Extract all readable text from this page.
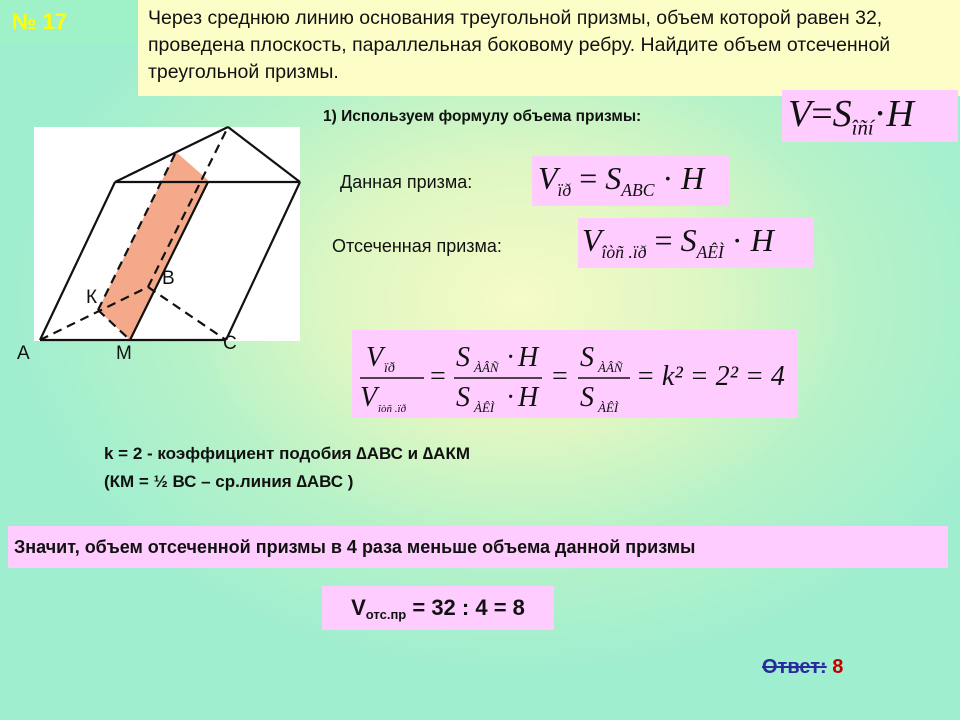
№ 17	Через среднюю линию основания треугольной призмы, объем которой равен 32, проведена плоскость, параллельная боковому ребру. Найдите объем отсеченной треугольной призмы.
А	М	С
К
В
1) Используем формулу объема призмы:	$V=S_{îñí}\cdot H$
Данная призма: $V_{ïð} = S_{ABC} \cdot H$
Отсеченная призма:	$V_{îòñ .ïð} = S_{AÊÌ} \cdot H$
V ïð
V îòñ .ïð
=
S ÀÂÑ · H
S ÀÊÌ · H
=
S ÀÂÑ
S ÀÊÌ
= k² = 2² = 4
k = 2 - коэффициент подобия ∆АВС и ∆АКМ
(КМ = ½ ВС – ср.линия ∆АВС )
Значит, объем отсеченной призмы в 4 раза меньше объема данной призмы
Vотс.пр = 32 : 4 = 8
Ответ: 8
